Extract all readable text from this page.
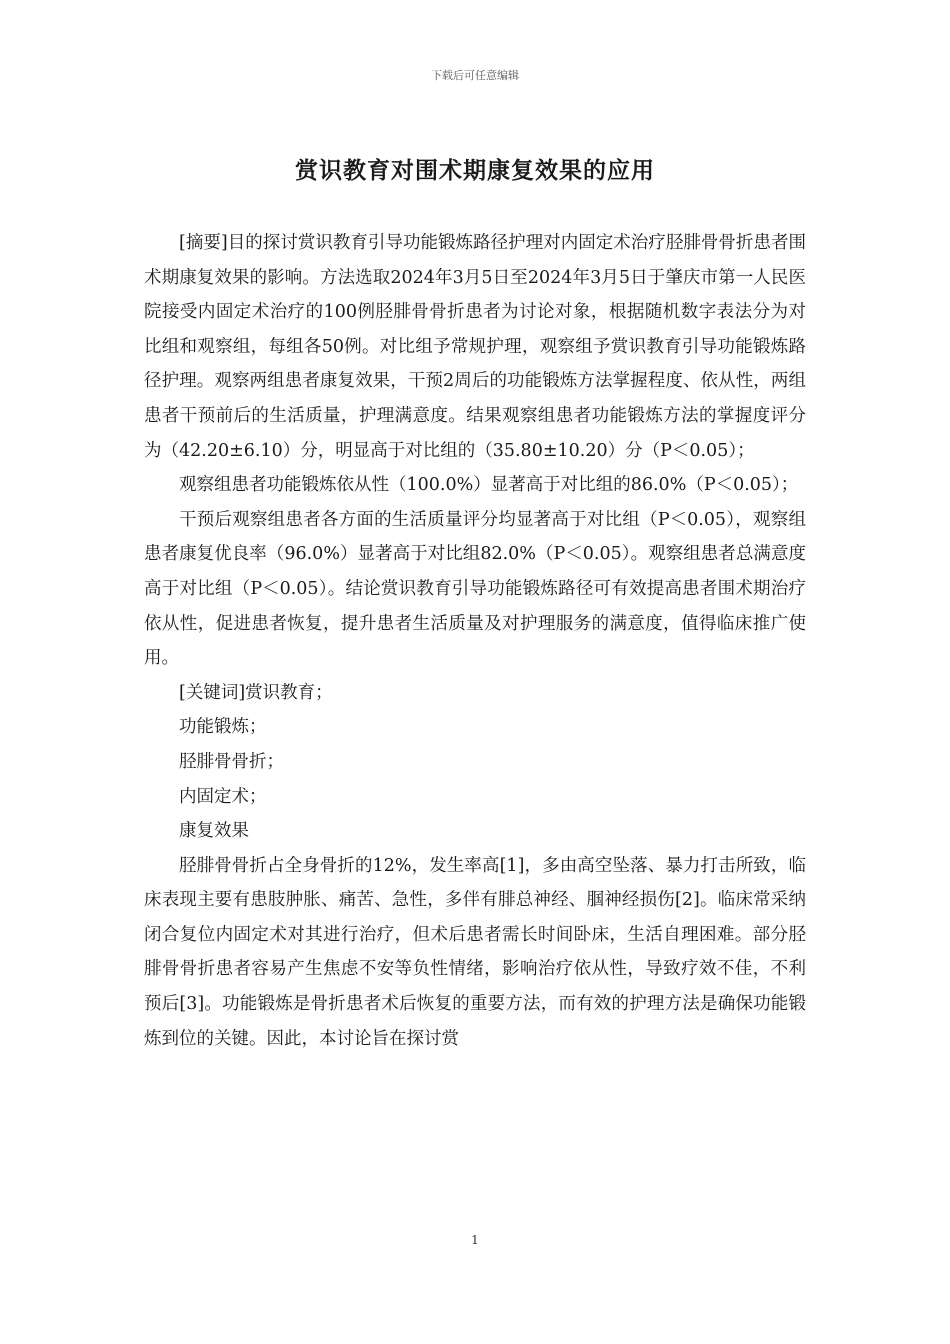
下载后可任意编辑
赏识教育对围术期康复效果的应用

[摘要]目的探讨赏识教育引导功能锻炼路径护理对内固定术治疗胫腓骨骨折患者围术期康复效果的影响。方法选取2024年3月5日至2024年3月5日于肇庆市第一人民医院接受内固定术治疗的100例胫腓骨骨折患者为讨论对象，根据随机数字表法分为对比组和观察组，每组各50例。对比组予常规护理，观察组予赏识教育引导功能锻炼路径护理。观察两组患者康复效果，干预2周后的功能锻炼方法掌握程度、依从性，两组患者干预前后的生活质量，护理满意度。结果观察组患者功能锻炼方法的掌握度评分为（42.20±6.10）分，明显高于对比组的（35.80±10.20）分（P＜0.05）；

观察组患者功能锻炼依从性（100.0%）显著高于对比组的86.0%（P＜0.05）；

干预后观察组患者各方面的生活质量评分均显著高于对比组（P＜0.05），观察组患者康复优良率（96.0%）显著高于对比组82.0%（P＜0.05）。观察组患者总满意度高于对比组（P＜0.05）。结论赏识教育引导功能锻炼路径可有效提高患者围术期治疗依从性，促进患者恢复，提升患者生活质量及对护理服务的满意度，值得临床推广使用。

[关键词]赏识教育；

功能锻炼；

胫腓骨骨折；

内固定术；

康复效果

胫腓骨骨折占全身骨折的12%，发生率高[1]，多由高空坠落、暴力打击所致，临床表现主要有患肢肿胀、痛苦、急性，多伴有腓总神经、腘神经损伤[2]。临床常采纳闭合复位内固定术对其进行治疗，但术后患者需长时间卧床，生活自理困难。部分胫腓骨骨折患者容易产生焦虑不安等负性情绪，影响治疗依从性，导致疗效不佳，不利预后[3]。功能锻炼是骨折患者术后恢复的重要方法，而有效的护理方法是确保功能锻炼到位的关键。因此，本讨论旨在探讨赏

1
